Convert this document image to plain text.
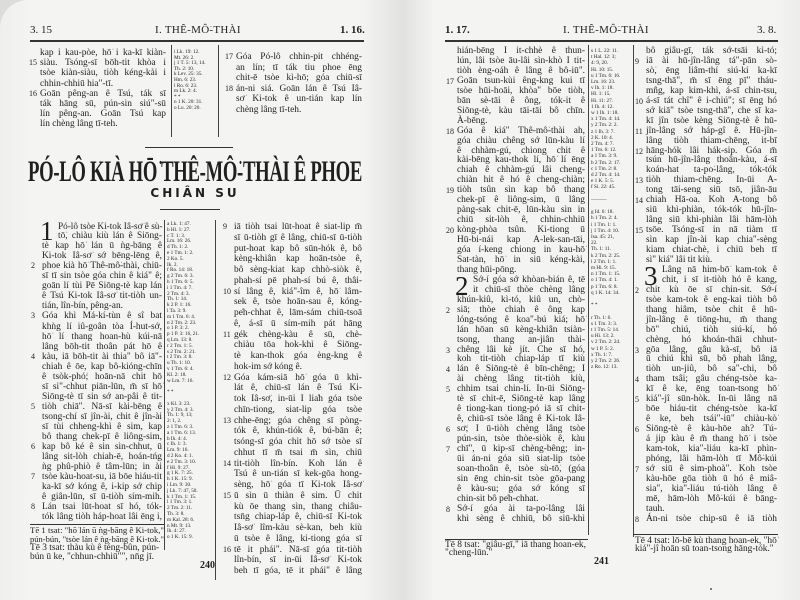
3. 15	I. THÊ-MÔ͘-THÀI	1. 16.
kap i kau-pòe, hō͘ i ka-kī kiàn-
15 siàu. Tsóng-sī bōh-tit khòa i
tsòe kiàn-siàu, tiòh kéng-kài i
chhin-chhiū hia"-tī.
16 Goān pêng-an ê Tsú, ták sī
ták hāng sū, pún-sin siú"-sū
lín pêng-an. Goān Tsú kap
lín chèng lâng tī-teh.
i Lk. 19: 12.
Mt. 26: 2.
j 1 T. 5: 13, 14.
Th. 2: 10.
k Lev. 25: 35.
Hm. 6: 23.
l Ro. 6: 23.
m Lk. 2: 4.
* *
n 1 K. 20: 31.
o Lu. 20: 20.
17 Góa Pó-lô chhin-pit chhéng-
an lín; tī ták tiu phoe ēng
chit-ē tsòe kì-hō; góa chiū-sī
18 án-ni siá. Goān lán ê Tsú Iâ-
sơ͘ Ki-tok ê un-tián kap lín
chèng lâng tī-teh.
PÓ-LÔ KIÀ HŌ͘ THÊ-MÔ͘-THÀI Ê PHOE
CHIÂN SU
1 Pó-lô tsòe Ki-tok Iâ-sơ͘ ê sù-
tō͘, chiàu kiù lán ê Siōng-
tè kap hō͘ lán ū ǹg-bāng ê
Ki-tok Iâ-sơ͘ sớ bēng-lēng ê,
2 phoe kià hō͘ Thê-mô͘-thài, chiū-
sī tī sin tsòe góa chin ê kiá" ê;
goān lí tùi Pē Siōng-tè kap lán
ê Tsú Ki-tok Iâ-sơ͘ tit-tiòh un-
tián, lîn-bín, pêng-an.
3 Góa khì Má-kí-tùn ê sî bat
khǹg lí iû-goân tòa Í-hut-sớ,
hō͘ lí thang hoan-hù kúi-nā
lâng bōh-tit thoân pát hō ê
4 kàu, iā bōh-tit ài thia" bô iā"-
chiah ê ōe, kap bô-kióng-chīn
ê tsòk-phó͘; hoān-nā chit hō
sī si"-chhut piān-lūn, m̄ sī hō͘
Siōng-tè tī sin sớ an-pâi ê tit-
5 tiòh chiā". Nā-sī kài-bēng ê
tsong-chí sī jîn-ài, chit ê jîn-ài
sī tùi chheng-khì ê sim, kap
bô thang chek-pī ê liông-sim,
6 kap bô ké ê sin sìn-chhut, ū
lâng sit-lòh chiah-ē, hoán-tńg
ǹg phû-phiò ê tâm-lūn; in ài
7 tsòe kàu-hoat-su, iā bōe hiáu-tit
ka-kī sớ kóng ê, i-kip sớ chip
ê giân-lūn, sī ū-tiòh sím-mih.
8 Lán tsai lūt-hoat sī hó, tók-
tók lâng tiòh háp-hoat lâi ēng i,
a Lk. 1: 47.
b Hl. 1: 27.
c T. 1: 3.
Lm. 16: 26.
d Th. 1: 2.
e 1 Tm. 1: 2.
2 Ko. 5.
Ik. 2.
f Ro. 14: 18.
g 2 Tm. 6: 3.
h 1 Tm. 6: 5.
i 1 Tm. 4: 7.
2 Tm. 4: 3.
Th. 1: 14.
k 2 P. 1: 16.
l Ta. 3: 9.
m 1 Tm. 6: 4.
n 2 Tm. 2: 23.
o 1 P. 3: 2.
p 1 P. 3: 16, 21.
q Lm. 13: 8.
r 2 Tm. 1: 5.
s 2 Tm. 2: 21.
t 2 Tm. 3: 8.
u Th. 1: 10.
v 1 Tm. 6: 4.
Kl. 2: 18.
w Lm. 7: 16.
* *
x Kl. 3: 23.
y 2 Tm. 4: 3.
Th. 1: 9, 13;
2: 1, 2.
z 1 Tm. 6: 3.
a 1 Tm. 6: 13.
b Ih. 4: 4.
c Ih. 1: 3.
Lm. 9: 16.
d 2 Ko. 4: 1.
e 2 Tm. 3: 10.
f Hi. 9: 27.
g 1 K. 7: 25.
h 1 K. 15: 9.
i Lm. 9: 30.
j Lk. 7: 47, 50.
k 1 Tm. 1: 15.
l 1 Tm. 3: 1.
2 Tm. 2: 11.
Th. 3: 8.
m Kal. 28: 6.
n Mt. 9: 13.
Ih. 4: 27.
o 1 K. 15: 9.
9 iā tiòh tsai lūt-hoat ê siat-lip m̄
sī ū-tiòh gī ê lâng, chiū-sī ū-tiòh
put-hoat kap bô sūn-hók ê, bô
kèng-khiân kap hoān-tsòe ê,
bô sèng-kiat kap chhò-siòk ê,
phah-sí pē phah-sí bú ê, thâi-
10 sí lâng ê, kiá"-îm ê, hō͘ lâm-
sek ê, tsòe hoān-sau ê, kóng-
pe̍h-chhat ê, lām-sám chiū-tsoā
ê, á-sī ū sím-mih pát hāng
11 gék chèng-kàu ê sū, chè-
chiàu tōa hok-khì ê Siōng-
tè kan-thok góa èng-kng ê
hok-im sớ kóng ê.
12 Góa kám-siā hō͘ góa ū khì-
lát ê, chiū-sī lán ê Tsú Ki-
tok Iâ-sơ͘, in-ūi I lia̍h góa tsòe
chīn-tiong, siat-lip góa tsòe
13 chhe-ēng; góa chêng sī pòng-
tók ê, khún-tiók ê, bú-bān ê;
tsóng-sī góa chit hō sớ tsòe sī
chhut tī m̄ tsai m̄ sìn, chiū
14 tit-tiòh lîn-bín. Koh lán ê
Tsú ê un-tián sī kek-gōa hong-
sèng, hō͘ góa tī Ki-tok Iâ-sơ͘
15 ū sìn ū thiàn ê sim. Ū chit
kù ōe thang sìn, thang chiâu-
tsn̄g chiap-láp ê, chiū-sī Ki-tok
Iâ-sơ͘ lîm-kàu sè-kan, beh kiù
ū tsòe ê lâng, ki-tiong góa sī
16 tē it phái". Nā-sī góa tit-tiòh
lîn-bín, sī in-ūi Iâ-sơ͘ Ki-tok
beh tī góa, tē it phái" ê lâng
Tē 1 tsat: "hō͘ lán ū ǹg-bāng ê Ki-tok,"
pún-bún, "tsòe lán ê ǹg-bāng ê Ki-tok."
Tē 3 tsat: thàu kù ê téng-bûn, pún-
bún ū ke, "chhun-chhiū"", nn̄g jī.
240
1. 17.	I. THÊ-MÔ͘-THÀI	3. 8.
hián-bēng I it-chhè ê thun-
lún, lâi tsòe āu-lâi sìn-khò I tit-
tiòh èng-oáh ê lâng ê bô-iū".
17 Goān tsun-kùi êng-kng kui tī
tsòe hūi-hoāi, khòa" bōe tiòh,
bān sè-tāi ê ông, tók-it ê
Siōng-tè, kàu tāi-tāi bô chīn.
À-bēng.
18 Góa ê kiá" Thê-mô͘-thài ah,
góa chiàu chêng sớ lūn-kàu lí
ê chhàm-gú, chiong chit ê
kài-bēng kau-thok lí, hō͘ lí ēng
chiah ê chhàm-gú lâi cheng-
chiàn hit ê hó ê cheng-chiàn;
19 tiòh tsûn sìn kap bô thang
chek-pī ê liông-sim, ū lâng
pàng-sak chit-ē, lūn-kàu sìn in
chiū sit-lòh ê, chhin-chhiū
20 kòng-phòa tsûn. Ki-tiong ū
Hū-bi-nái kap A-lek-san-tāi,
góa í-keng chiong in kau-hō͘
Sat-tàn, hō͘ in siū kéng-kài,
thang hūi-pōng.
2 Sớ-í góa sớ khòan-bián ê, tē
it chiū-sī thòe chèng lâng
khún-kiû, kì-tó, kiû un, chò-
2 siā; thòe chiah ê ông kap
lóng-tsóng ê koa"-bú kiá; hō͘
lán hōan sū kèng-khiân tsiàn-
tsong, thang an-jiân thài-
3 chêng lâi kè jít. Che sī hó,
koh tit-tiòh chiap-láp tī kiù
4 lán ê Siōng-tè ê bīn-chêng; I
ài chèng lâng tit-tiòh kiù,
5 chhim tsai chin-lí. In-ūi Siōng-
tè sī chit-ē, Siōng-tè kap lâng
ê tiong-kan tiong-pó iā sī chit-
ê, chiū-sī tsòe lâng ê Ki-tok Iâ-
6 sơ͘; I ū-tiòh chèng lâng tsòe
pún-sin, tsòe thòe-siòk ê, kàu
7 chī", ū kip-sī chèng-bêng; in-
ūi án-ni góa siū siat-lip tsòe
soan-thoân ê, tsòe sù-tō͘, (góa
sin ēng chin-sit tsòe gōa-pang
ê kàu-su; góa sớ kóng sī
chin-sit bô pe̍h-chhat.
8 Sớ-í góa ài ta-po͘-lâng lâi
khì sèng ê chhiū, bô siū-khì
s 1 L. 22: 11.
t Hal. 12: 3;
4: 9, 20.
Hi. 10: 15.
u 1 Tm. 6: 16.
Lm. 16: 23.
v Ih. 1: 18.
Hl. 1: 15.
Hi. 11: 27.
1 Ih. 4: 12.
w 1 Ih. 1: 18.
x 1 Tm. 4: 14.
y 2 Tm. 2: 2.
z 1 Ih. 3: 7.
2 K. 10: 4.
2 Tm. 4: 7.
1 Tm. 6: 12.
a 1 Tm. 3: 9.
b 2 Tm. 2: 17.
c 1 Tm. 2: 8.
d 2 Tm. 4: 14.
e 1 K. 5: 5.
f Si. 22: 45.
———
g Id. 6: 18.
h 1 Tm. 2: 4.
i 1 Tm. 1: 1.
j 1 Tm. 4: 10.
Isa. 45: 21,
22.
Th. 1: 11.
k 2 Tm. 2: 25.
l 2 Tm. 1: 1.
m Hi. 9: 15.
n 1 Tm. 1: 15.
o 1 Tm. 4: 1.
p 1 Tm. 6: 8.
q 1 K. 14: 34.
* *
r Th. 1: 6.
s 1 Tm. 3: 3.
t 1 Tm. 5: 14.
u Hi. 13: 2.
v 2 Tm. 2: 24.
w 1 P. 5: 2.
x Th. 1: 7.
y 2 Tm. 2: 26.
z Ro. 12: 13.
bô giâu-gī, ták sớ-tsāi kì-tó;
9 iā ài hū-jîn-lâng tá"-pān sò-
sò͘, ēng liâm-thí siú-kí ka-kī
tsng-thā", m̄ sī ēng pī" tháu-
mn̂g, kap kim-khì, á-sī chin-tsu,
10 á-sī tát chî" ê i-chiú"; sī ēng hó
sớ kiā" tsòe tsng-thā", che sī ka-
kī jîn tsòe kèng Siōng-tè ê hū-
11 jîn-lâng sớ háp-gî ê. Hū-jîn-
lâng tiòh thiam-chēng, it-bī
12 hāng-hók lâi hák-sip. Góa m̄
tsún hū-jîn-lâng thoân-kàu, á-sī
koán-hat ta-po͘-lâng, tók-tók
13 tiòh thiam-chēng. In-ūi A-
tong tāi-seng siū tsō, jiân-āu
14 chiah Hā-oa. Koh A-tong bô
siū khì-phiàn, tók-tók hū-jîn-
lâng siū khì-phiàn lâi hām-lòh
15 tsōe. Tsóng-sī in nā tiàm tī
sìn kap jîn-ài kap chia"-sèng
kiam chiat-chè, i chiū beh tī
sì" kiá" lâi tit kiù.
3 Lâng nā him-bō͘ kam-tok ê
chit, i sī it-tiòh hó ê kang,
2 chit kù ōe sī chin-sit. Sớ-í
tsòe kam-tok ê eng-kai tiòh bô
thang hiâm, tsòe chit ê hū-
jîn-lâng ê tiōng-hu, m̄ thang
bō" chiú, tiòh siú-kí, hó
chèng, hó khoán-thāi chhut-
3 gōa lâng, gâu kà-sī, bô iā
ū chiú khì sū, bô phah lâng,
tiòh un-jiû, bô sa"-chi, bô
4 tham tsâi; gâu chéng-tsòe ka-
kī ê ke, ēng toan-tsong hō͘
5 kiá"-jî sūn-hòk. In-ūi lâng nā
bōe hiáu-tit chéng-tsòe ka-kī
ê ke, beh tsái"-iū" chiàu-kò͘
6 Siōng-tè ê kàu-hōe ah? Tú-
á jip kàu ê m̄ thang hō͘ i tsòe
kam-tok, kia"-liáu ka-kī phìn-
phóng, lâi hām-lòh tī Mô͘-kúi
7 sớ siū ê sim-phoà". Koh tsòe
kàu-hōe gōa tiòh ū hó ê miâ-
sia", kia"-liáu tú-tiòh lâng ê
mē, hām-lòh Mô͘-kúi ê bāng-
tauh.
8 Án-ni tsòe chip-sū ê iā tiòh
Tē 8 tsat: "giâu-gī," iā thang hoan-ek,
"cheng-lūn."
Tē 4 tsat: lō-bē kù thang hoan-ek, "hō͘
kiá"-jî hoān sū toan-tsong hāng-tók."
241
